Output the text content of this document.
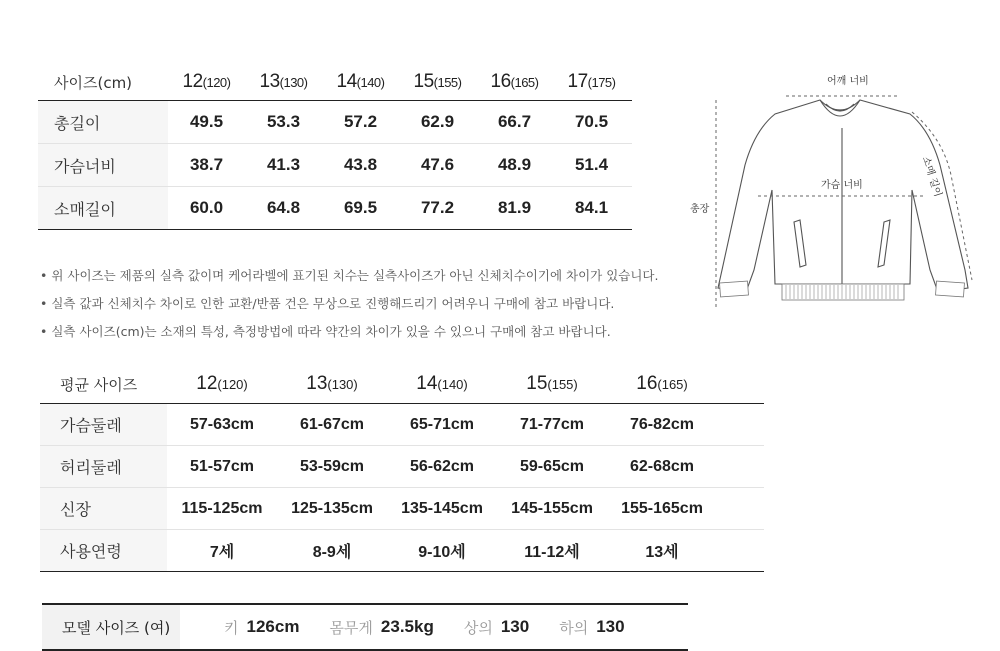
사이즈(cm)	12(120)	13(130)	14(140)	15(155)	16(165)	17(175)
총길이	49.5	53.3	57.2	62.9	66.7	70.5
가슴너비	38.7	41.3	43.8	47.6	48.9	51.4
소매길이	60.0	64.8	69.5	77.2	81.9	84.1
• 위 사이즈는 제품의 실측 값이며 케어라벨에 표기된 치수는 실측사이즈가 아닌 신체치수이기에 차이가 있습니다.
• 실측 값과 신체치수 차이로 인한 교환/반품 건은 무상으로 진행해드리기 어려우니 구매에 참고 바랍니다.
• 실측 사이즈(cm)는 소재의 특성, 측정방법에 따라 약간의 차이가 있을 수 있으니 구매에 참고 바랍니다.
어깨 너비
가슴 너비
총장
소매 길이
평균 사이즈	12(120)	13(130)	14(140)	15(155)	16(165)
가슴둘레	57-63cm	61-67cm	65-71cm	71-77cm	76-82cm
허리둘레	51-57cm	53-59cm	56-62cm	59-65cm	62-68cm
신장	115-125cm	125-135cm	135-145cm	145-155cm	155-165cm
사용연령	7세	8-9세	9-10세	11-12세	13세
모델 사이즈 (여)	키 126cm 몸무게 23.5kg 상의 130 하의 130
